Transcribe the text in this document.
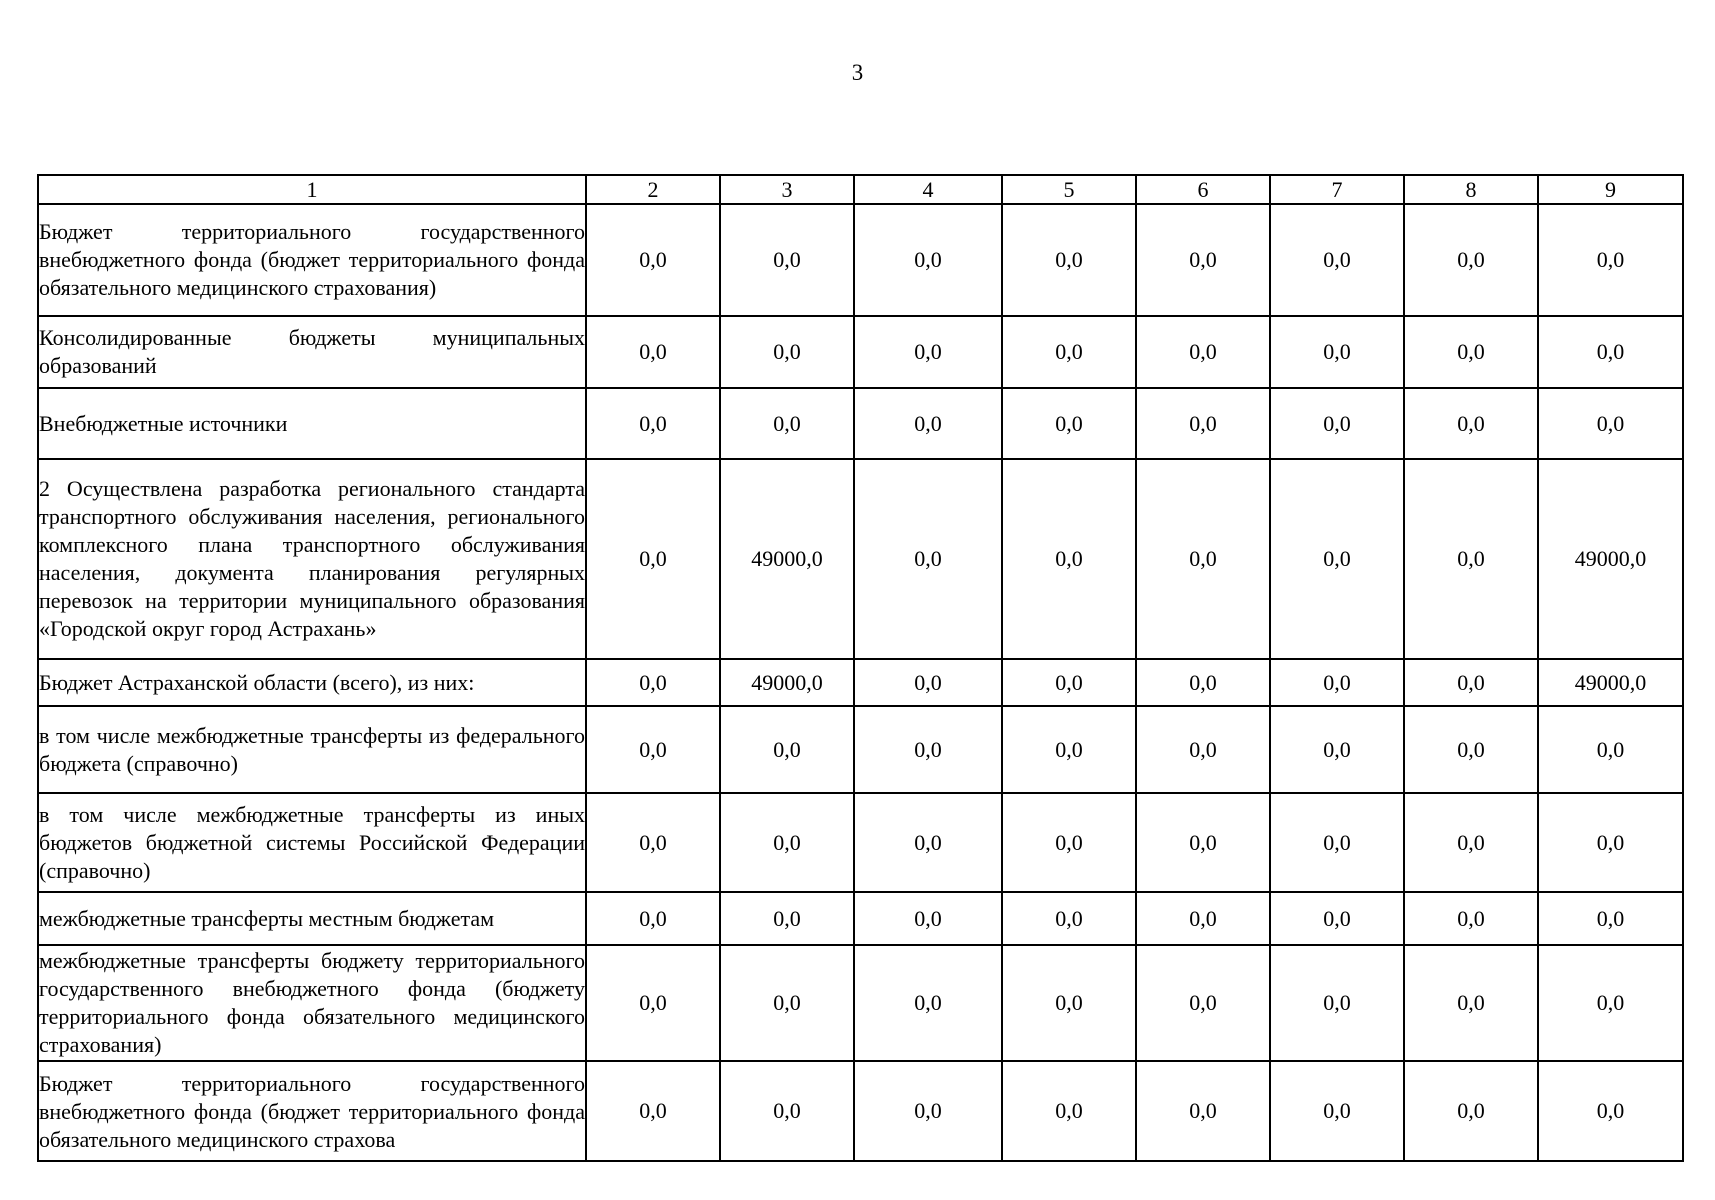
3
1	2	3	4	5	6	7	8	9
Бюджет территориального государственного внебюджетного фонда (бюджет территориального фонда обязательного медицинского страхования)	0,0	0,0	0,0	0,0	0,0	0,0	0,0	0,0
Консолидированные бюджеты муниципальных образований	0,0	0,0	0,0	0,0	0,0	0,0	0,0	0,0
Внебюджетные источники	0,0	0,0	0,0	0,0	0,0	0,0	0,0	0,0
2 Осуществлена разработка регионального стандарта транспортного обслуживания населения, регионального комплексного плана транспортного обслуживания населения, документа планирования регулярных перевозок на территории муниципального образования «Городской округ город Астрахань»	0,0	49000,0	0,0	0,0	0,0	0,0	0,0	49000,0
Бюджет Астраханской области (всего), из них:	0,0	49000,0	0,0	0,0	0,0	0,0	0,0	49000,0
в том числе межбюджетные трансферты из федерального бюджета (справочно)	0,0	0,0	0,0	0,0	0,0	0,0	0,0	0,0
в том числе межбюджетные трансферты из иных бюджетов бюджетной системы Российской Федерации (справочно)	0,0	0,0	0,0	0,0	0,0	0,0	0,0	0,0
межбюджетные трансферты местным бюджетам	0,0	0,0	0,0	0,0	0,0	0,0	0,0	0,0
межбюджетные трансферты бюджету территориального государственного внебюджетного фонда (бюджету территориального фонда обязательного медицинского страхования)	0,0	0,0	0,0	0,0	0,0	0,0	0,0	0,0
Бюджет территориального государственного внебюджетного фонда (бюджет территориального фонда обязательного медицинского страхова	0,0	0,0	0,0	0,0	0,0	0,0	0,0	0,0
